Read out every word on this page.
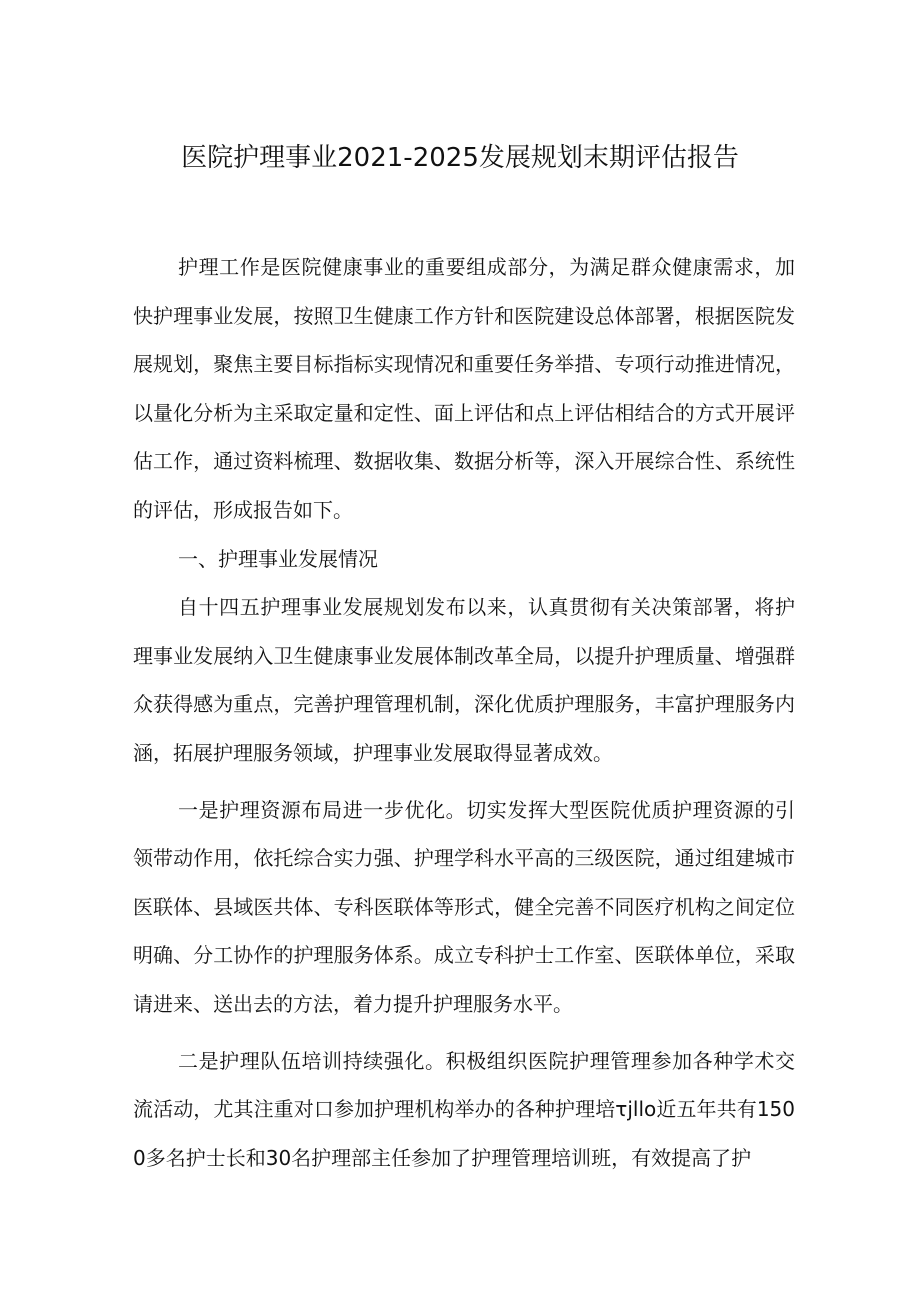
医院护理事业2021-2025发展规划末期评估报告

护理工作是医院健康事业的重要组成部分，为满足群众健康需求，加快护理事业发展，按照卫生健康工作方针和医院建设总体部署，根据医院发展规划，聚焦主要目标指标实现情况和重要任务举措、专项行动推进情况，以量化分析为主采取定量和定性、面上评估和点上评估相结合的方式开展评估工作，通过资料梳理、数据收集、数据分析等，深入开展综合性、系统性的评估，形成报告如下。

一、护理事业发展情况

自十四五护理事业发展规划发布以来，认真贯彻有关决策部署，将护理事业发展纳入卫生健康事业发展体制改革全局，以提升护理质量、增强群众获得感为重点，完善护理管理机制，深化优质护理服务，丰富护理服务内涵，拓展护理服务领域，护理事业发展取得显著成效。

一是护理资源布局进一步优化。切实发挥大型医院优质护理资源的引领带动作用，依托综合实力强、护理学科水平高的三级医院，通过组建城市医联体、县域医共体、专科医联体等形式，健全完善不同医疗机构之间定位明确、分工协作的护理服务体系。成立专科护士工作室、医联体单位，采取请进来、送出去的方法，着力提升护理服务水平。

二是护理队伍培训持续强化。积极组织医院护理管理参加各种学术交流活动，尤其注重对口参加护理机构举办的各种护理培τjllo近五年共有1500多名护士长和30名护理部主任参加了护理管理培训班，有效提高了护
